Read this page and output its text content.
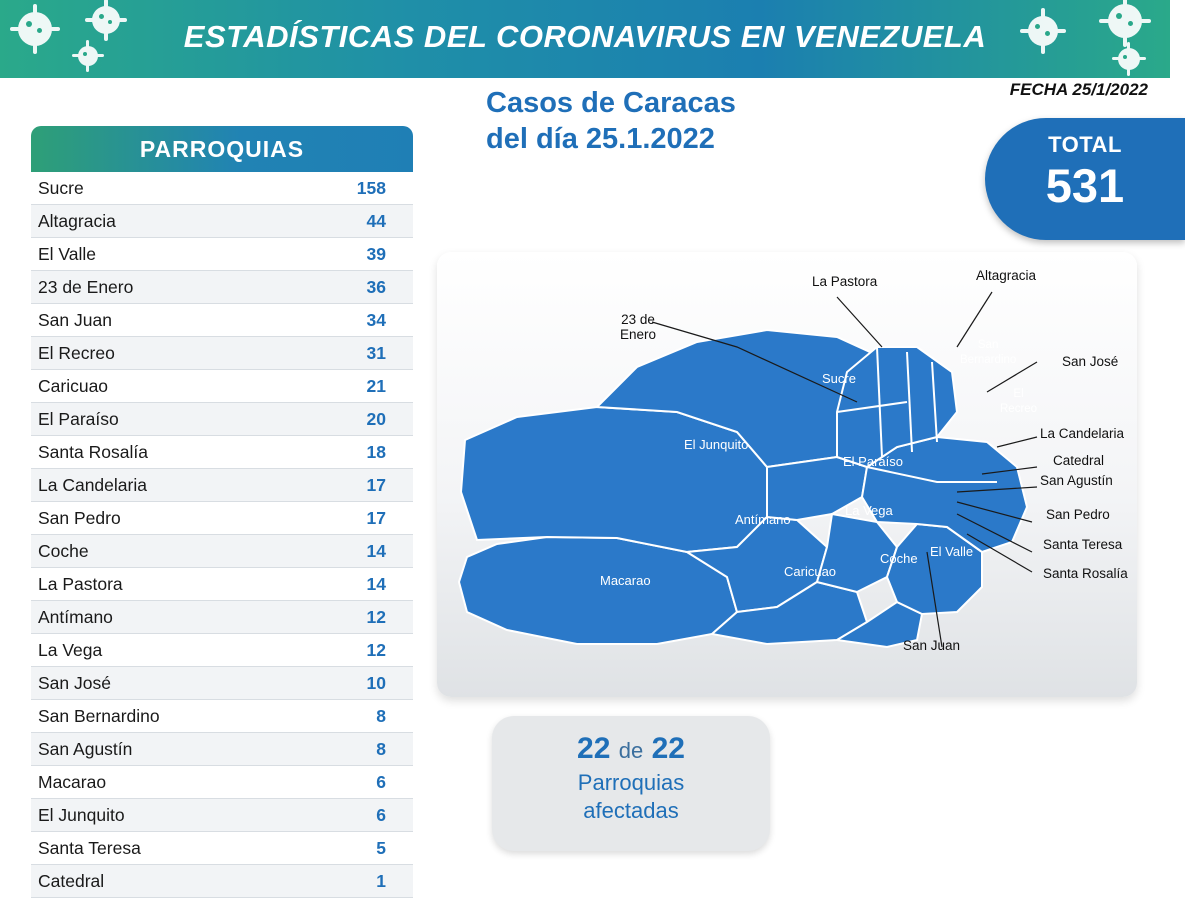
ESTADÍSTICAS DEL CORONAVIRUS EN VENEZUELA
PARROQUIAS
Sucre	158
Altagracia	44
El Valle	39
23 de Enero	36
San Juan	34
El Recreo	31
Caricuao	21
El Paraíso	20
Santa Rosalía	18
La Candelaria	17
San Pedro	17
Coche	14
La Pastora	14
Antímano	12
La Vega	12
San José	10
San Bernardino	8
San Agustín	8
Macarao	6
El Junquito	6
Santa Teresa	5
Catedral	1
Casos de Caracas
del día 25.1.2022
FECHA 25/1/2022
TOTAL
531
23 de
Enero
La Pastora	Altagracia
San José
La Candelaria
Catedral
San Agustín
San Pedro
Santa Teresa
Santa Rosalía
San Juan
Sucre
San
Bernardino
El
Recreo
El Junquito
El Paraíso
La Vega
Antímano
Macarao
Caricuao
Coche El Valle
22 de 22
Parroquias
afectadas
